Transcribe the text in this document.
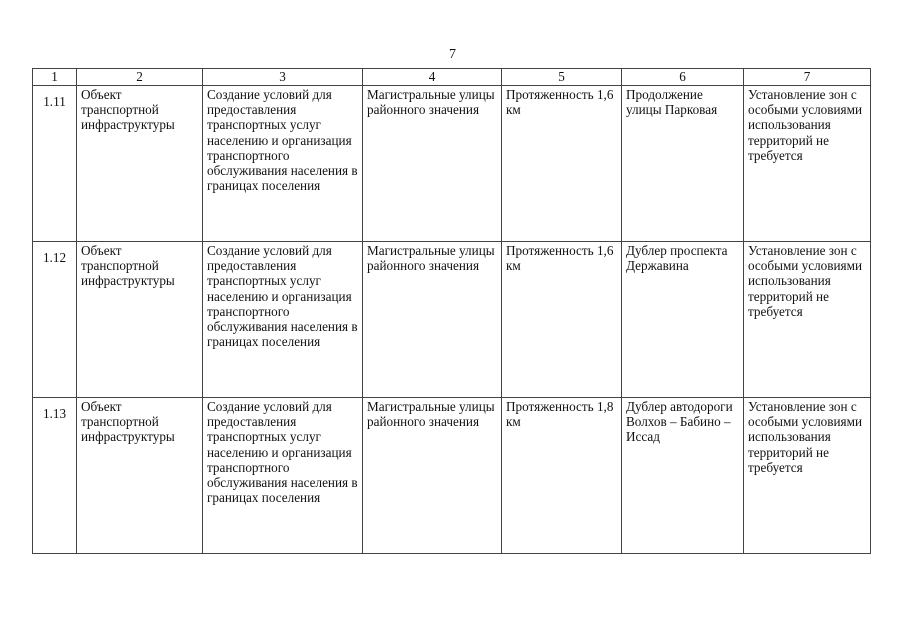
7
1	2	3	4	5	6	7
1.11	Объект транспортной инфраструктуры	Создание условий для предоставления транспортных услуг населению и организация транспортного обслуживания населения в границах поселения	Магистральные улицы районного значения	Протяженность 1,6 км	Продолжение улицы Парковая	Установление зон с особыми условиями использования территорий не требуется
1.12	Объект транспортной инфраструктуры	Создание условий для предоставления транспортных услуг населению и организация транспортного обслуживания населения в границах поселения	Магистральные улицы районного значения	Протяженность 1,6 км	Дублер проспекта Державина	Установление зон с особыми условиями использования территорий не требуется
1.13	Объект транспортной инфраструктуры	Создание условий для предоставления транспортных услуг населению и организация транспортного обслуживания населения в границах поселения	Магистральные улицы районного значения	Протяженность 1,8 км	Дублер автодороги Волхов – Бабино – Иссад	Установление зон с особыми условиями использования территорий не требуется
